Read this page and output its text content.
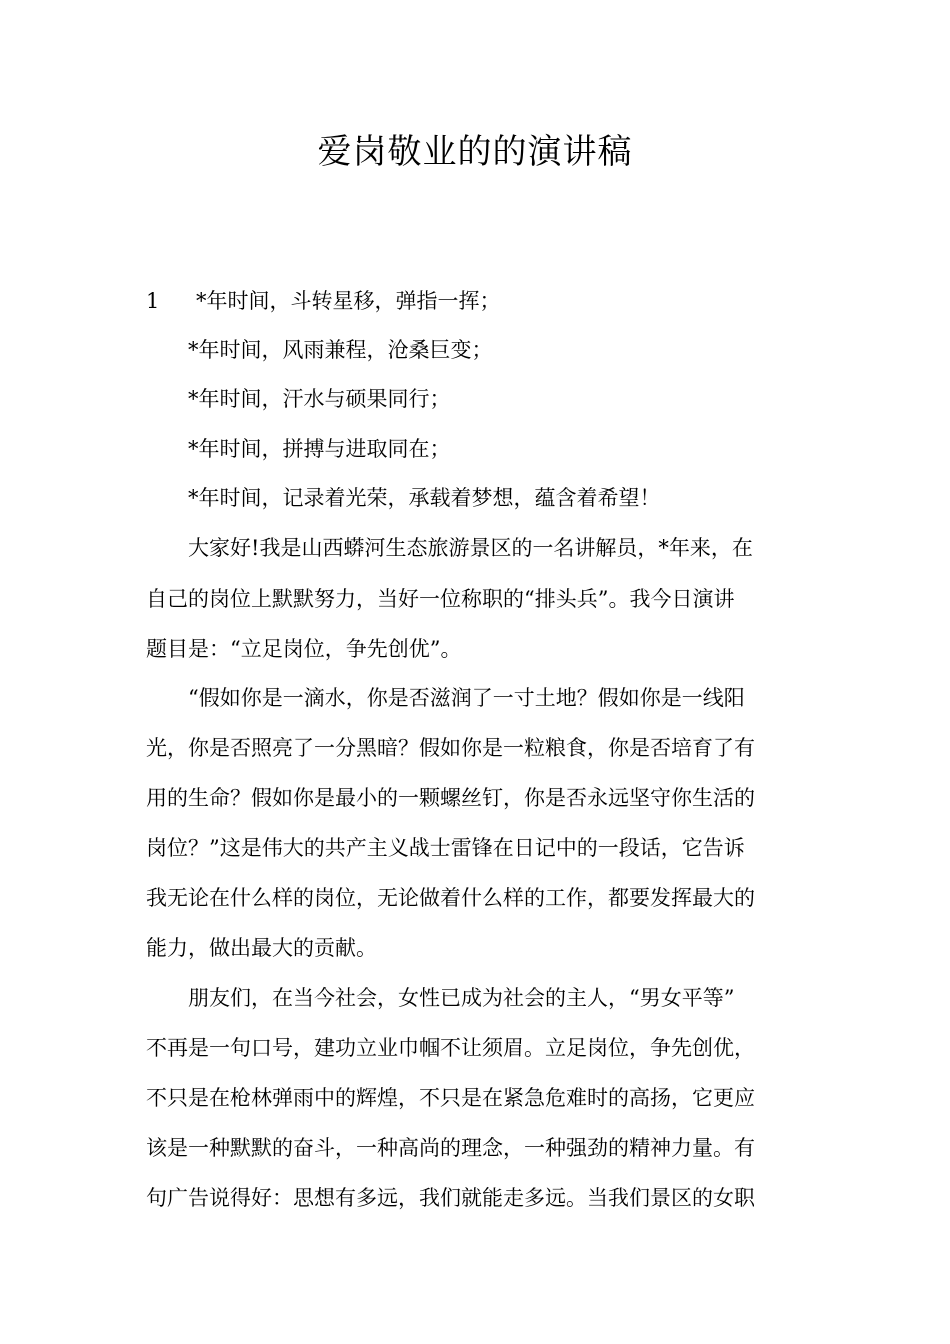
爱岗敬业的的演讲稿
1 *年时间，斗转星移，弹指一挥；
*年时间，风雨兼程，沧桑巨变；
*年时间，汗水与硕果同行；
*年时间，拼搏与进取同在；
*年时间，记录着光荣，承载着梦想，蕴含着希望！
大家好!我是山西蟒河生态旅游景区的一名讲解员，*年来，在
自己的岗位上默默努力，当好一位称职的“排头兵”。我今日演讲
题目是：“立足岗位，争先创优”。
“假如你是一滴水，你是否滋润了一寸土地？假如你是一线阳
光，你是否照亮了一分黑暗？假如你是一粒粮食，你是否培育了有
用的生命？假如你是最小的一颗螺丝钉，你是否永远坚守你生活的
岗位？”这是伟大的共产主义战士雷锋在日记中的一段话，它告诉
我无论在什么样的岗位，无论做着什么样的工作，都要发挥最大的
能力，做出最大的贡献。
朋友们，在当今社会，女性已成为社会的主人，“男女平等”
不再是一句口号，建功立业巾帼不让须眉。立足岗位，争先创优，
不只是在枪林弹雨中的辉煌，不只是在紧急危难时的高扬，它更应
该是一种默默的奋斗，一种高尚的理念，一种强劲的精神力量。有
句广告说得好：思想有多远，我们就能走多远。当我们景区的女职
